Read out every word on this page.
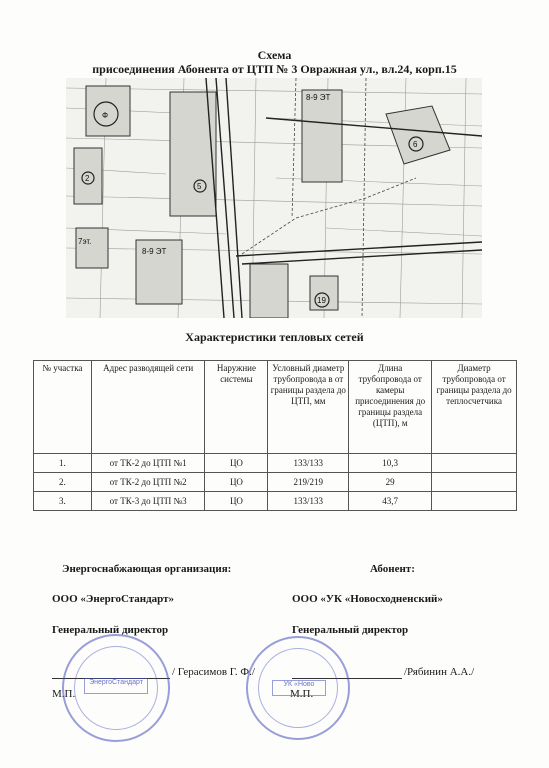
Схема
присоединения Абонента от ЦТП № 3 Овражная ул., вл.24, корп.15
Ф
2
8-9 ЭТ
5
6
7эт.
8-9 ЭТ
19
Характеристики тепловых сетей
№ участка	Адрес разводящей сети	Наружние системы	Условный диаметр трубопровода в от границы раздела до ЦТП, мм	Длина трубопровода от камеры присоединения до границы раздела (ЦТП), м	Диаметр трубопровода от границы раздела до теплосчетчика
1.	от ТК-2 до ЦТП №1	ЦО	133/133	10,3	
2.	от ТК-2 до ЦТП №2	ЦО	219/219	29	
3.	от ТК-3 до ЦТП №3	ЦО	133/133	43,7	
Энергоснабжающая организация:	Абонент:
ООО «ЭнергоСтандарт»	ООО «УК «Новосходненский»
Генеральный директор	Генеральный директор
/ Герасимов Г. Ф./	/Рябинин А.А./
М.П.	М.П.
ЭнергоСтандарт	УК «Ново
